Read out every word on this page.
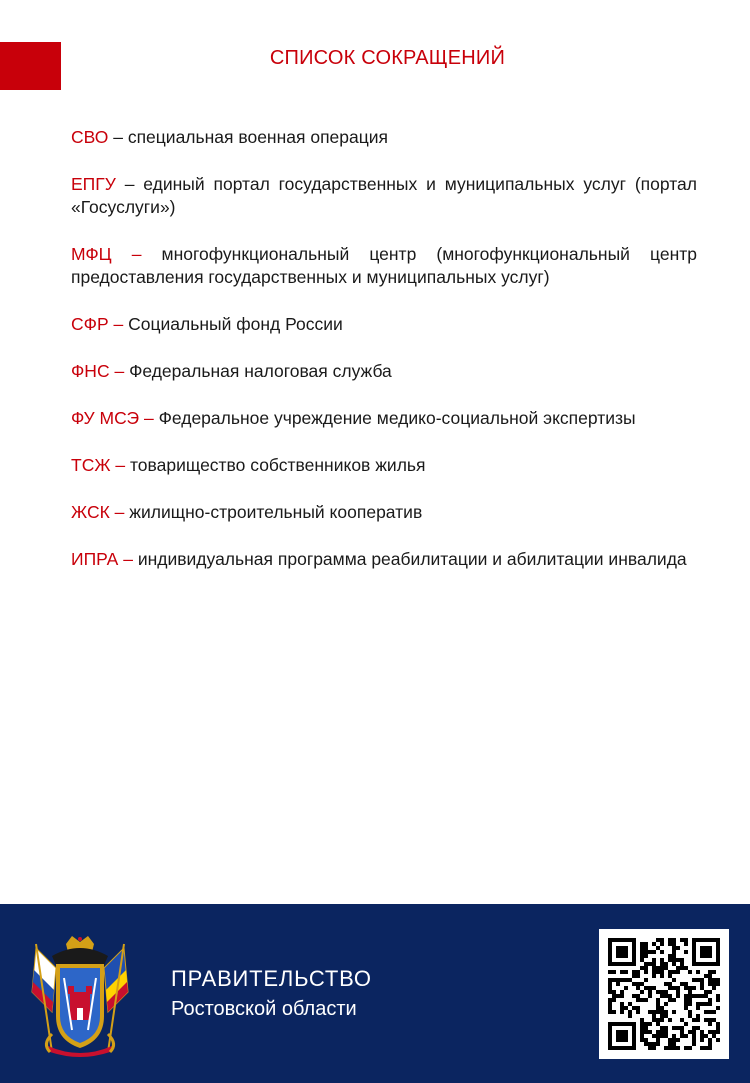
СПИСОК СОКРАЩЕНИЙ
СВО – специальная военная операция
ЕПГУ – единый портал государственных и муниципальных услуг (портал «Госуслуги»)
МФЦ – многофункциональный центр (многофункциональный центр предоставления государственных и муниципальных услуг)
СФР – Социальный фонд России
ФНС – Федеральная налоговая служба
ФУ МСЭ – Федеральное учреждение медико-социальной экспертизы
ТСЖ – товарищество собственников жилья
ЖСК – жилищно-строительный кооператив
ИПРА – индивидуальная программа реабилитации и абилитации инвалида
ПРАВИТЕЛЬСТВО
Ростовской области
